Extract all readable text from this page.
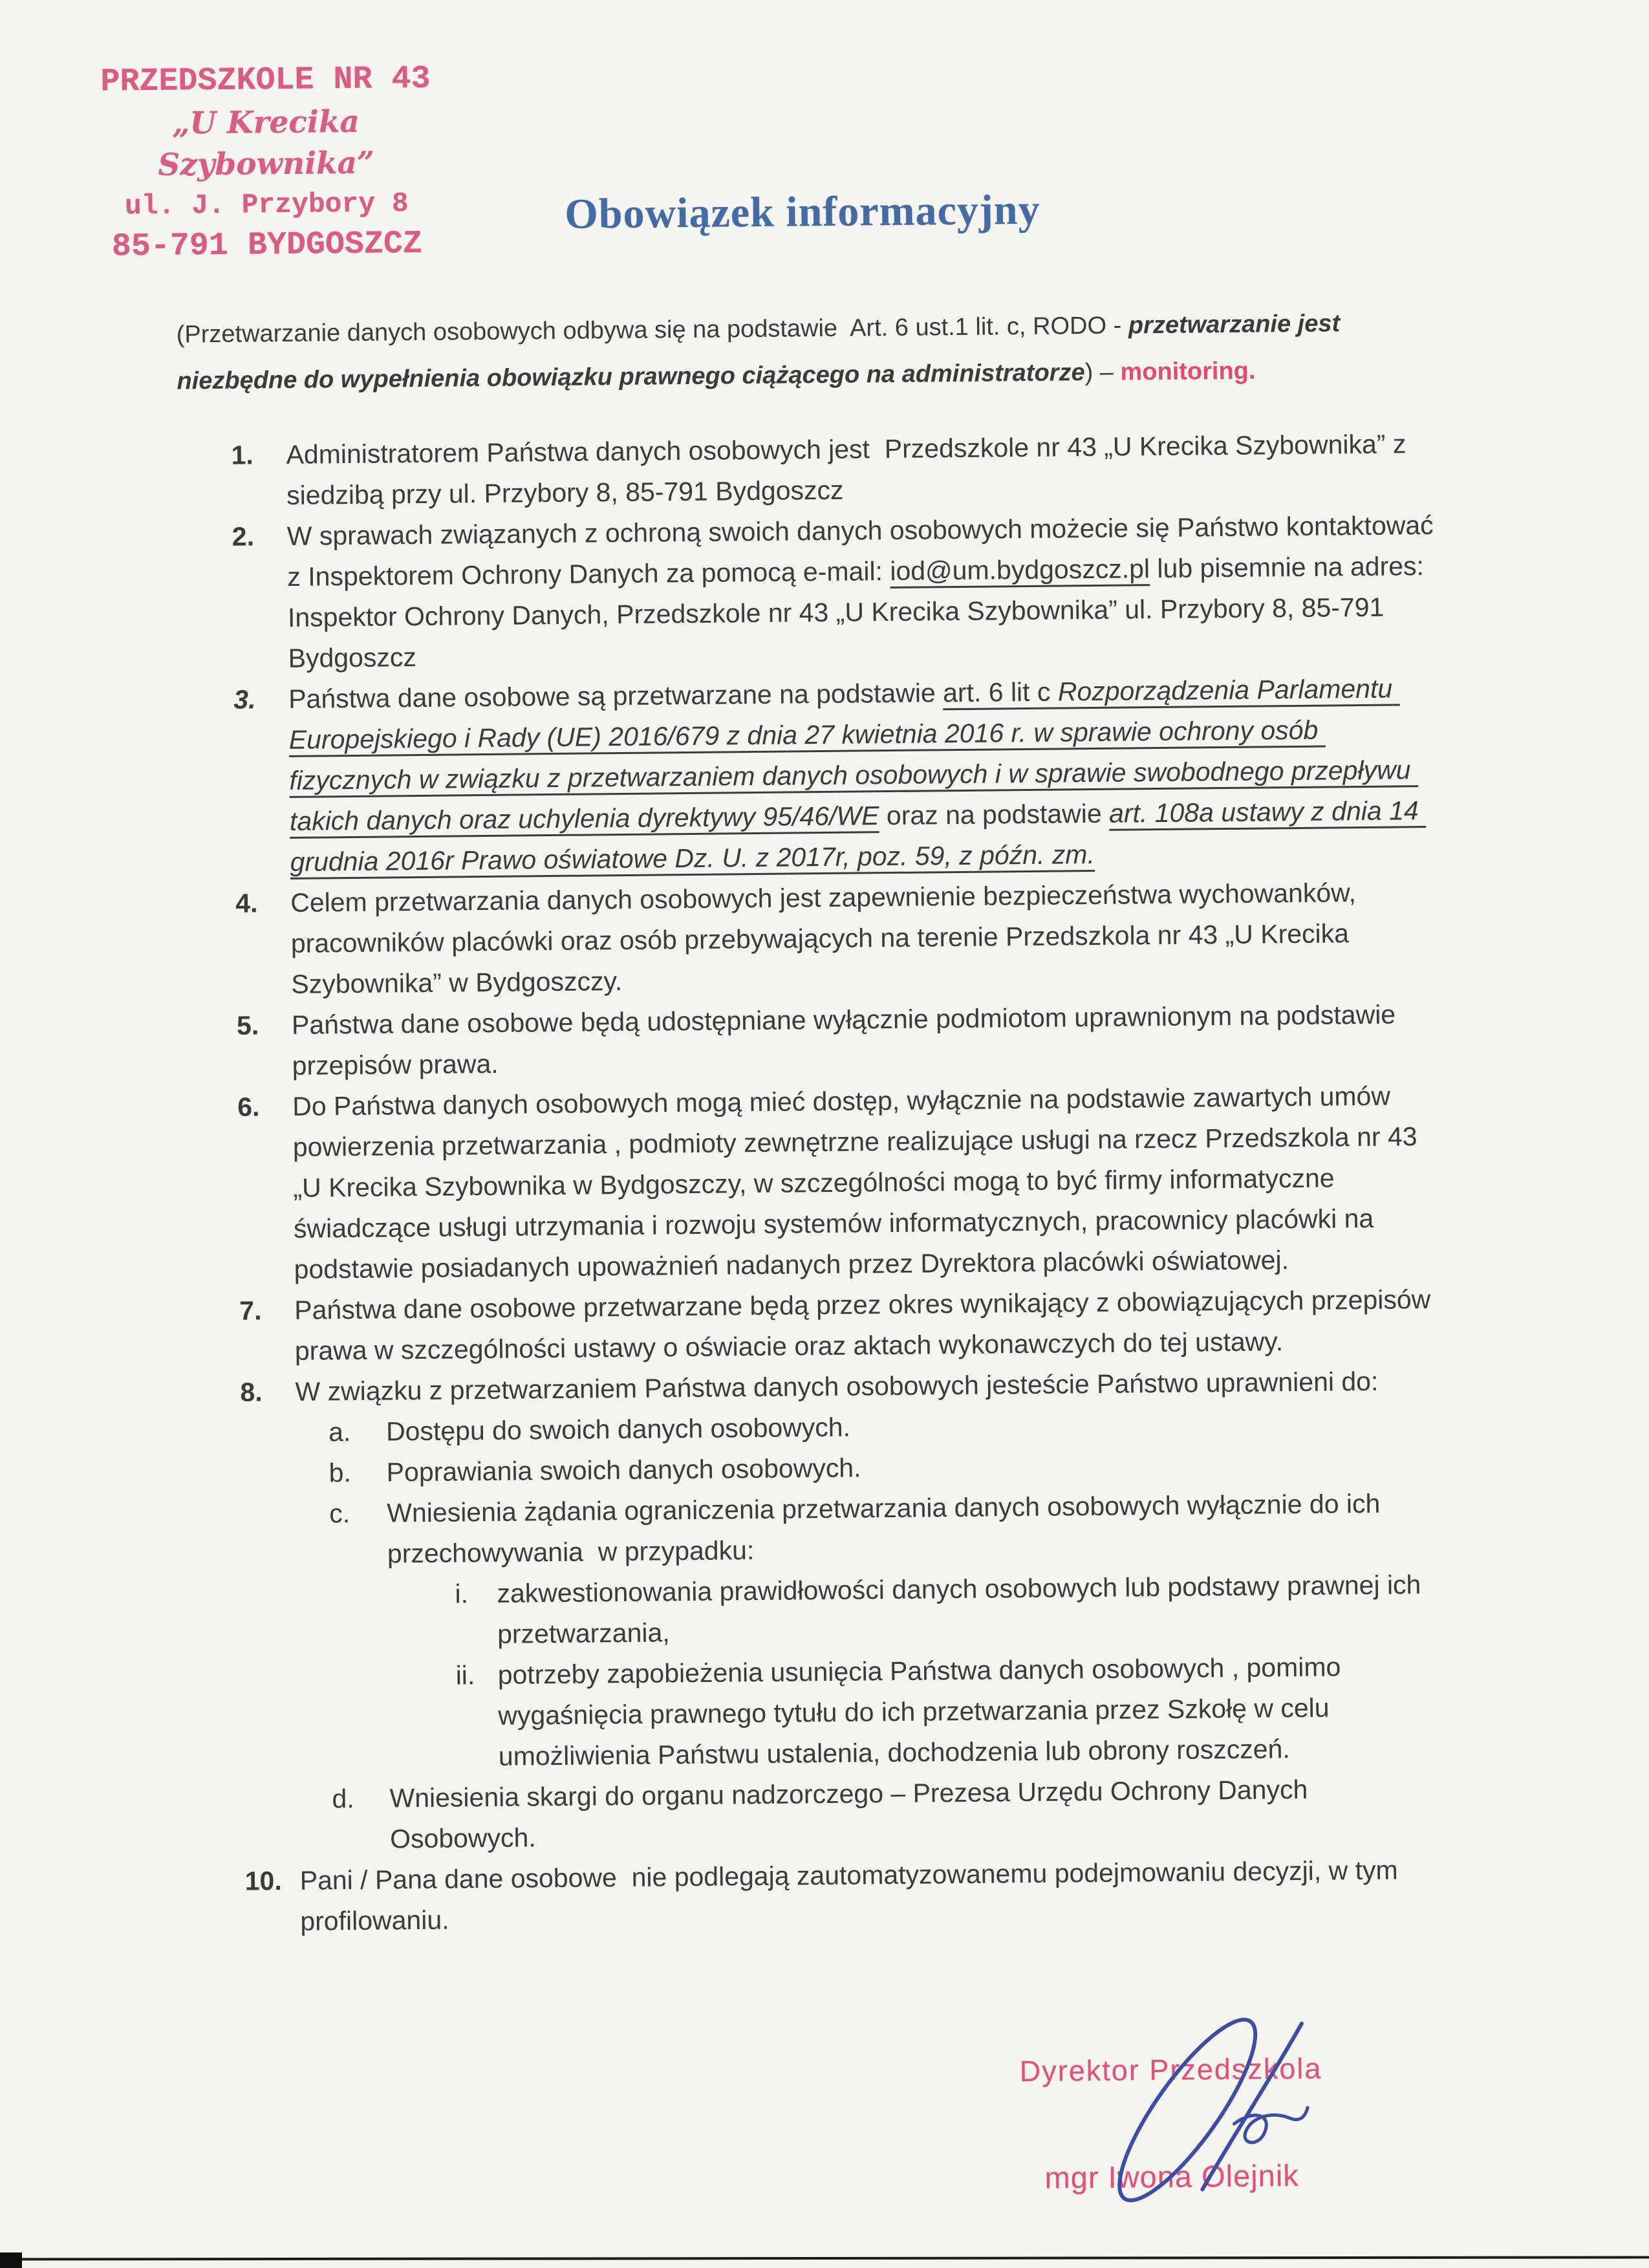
PRZEDSZKOLE NR 43
„U Krecika Szybownika”
ul. J. Przybory 8
85-791 BYDGOSZCZ
Obowiązek informacyjny
(Przetwarzanie danych osobowych odbywa się na podstawie  Art. 6 ust.1 lit. c, RODO - przetwarzanie jest niezbędne do wypełnienia obowiązku prawnego ciążącego na administratorze) – monitoring.
1.	Administratorem Państwa danych osobowych jest  Przedszkole nr 43 „U Krecika Szybownika” z siedzibą przy ul. Przybory 8, 85-791 Bydgoszcz
2.	W sprawach związanych z ochroną swoich danych osobowych możecie się Państwo kontaktować  z Inspektorem Ochrony Danych za pomocą e-mail: iod@um.bydgoszcz.pl lub pisemnie na adres: Inspektor Ochrony Danych, Przedszkole nr 43 „U Krecika Szybownika” ul. Przybory 8, 85-791 Bydgoszcz
3.	Państwa dane osobowe są przetwarzane na podstawie art. 6 lit c Rozporządzenia Parlamentu Europejskiego i Rady (UE) 2016/679 z dnia 27 kwietnia 2016 r. w sprawie ochrony osób fizycznych w związku z przetwarzaniem danych osobowych i w sprawie swobodnego przepływu takich danych oraz uchylenia dyrektywy 95/46/WE oraz na podstawie art. 108a ustawy z dnia 14 grudnia 2016r Prawo oświatowe Dz. U. z 2017r, poz. 59, z późn. zm.
4.	Celem przetwarzania danych osobowych jest zapewnienie bezpieczeństwa wychowanków, pracowników placówki oraz osób przebywających na terenie Przedszkola nr 43 „U Krecika Szybownika” w Bydgoszczy.
5.	Państwa dane osobowe będą udostępniane wyłącznie podmiotom uprawnionym na podstawie przepisów prawa.
6.	Do Państwa danych osobowych mogą mieć dostęp, wyłącznie na podstawie zawartych umów powierzenia przetwarzania , podmioty zewnętrzne realizujące usługi na rzecz Przedszkola nr 43 „U Krecika Szybownika w Bydgoszczy, w szczególności mogą to być firmy informatyczne świadczące usługi utrzymania i rozwoju systemów informatycznych, pracownicy placówki na podstawie posiadanych upoważnień nadanych przez Dyrektora placówki oświatowej.
7.	Państwa dane osobowe przetwarzane będą przez okres wynikający z obowiązujących przepisów prawa w szczególności ustawy o oświacie oraz aktach wykonawczych do tej ustawy.
8.	W związku z przetwarzaniem Państwa danych osobowych jesteście Państwo uprawnieni do:
a.	Dostępu do swoich danych osobowych.
b.	Poprawiania swoich danych osobowych.
c.	Wniesienia żądania ograniczenia przetwarzania danych osobowych wyłącznie do ich przechowywania  w przypadku:
i.	zakwestionowania prawidłowości danych osobowych lub podstawy prawnej ich przetwarzania,
ii. potrzeby zapobieżenia usunięcia Państwa danych osobowych , pomimo wygaśnięcia prawnego tytułu do ich przetwarzania przez Szkołę w celu umożliwienia Państwu ustalenia, dochodzenia lub obrony roszczeń.
d.	Wniesienia skargi do organu nadzorczego – Prezesa Urzędu Ochrony Danych Osobowych.
10. Pani / Pana dane osobowe  nie podlegają zautomatyzowanemu podejmowaniu decyzji, w tym profilowaniu.
Dyrektor Przedszkola
mgr Iwona Olejnik
